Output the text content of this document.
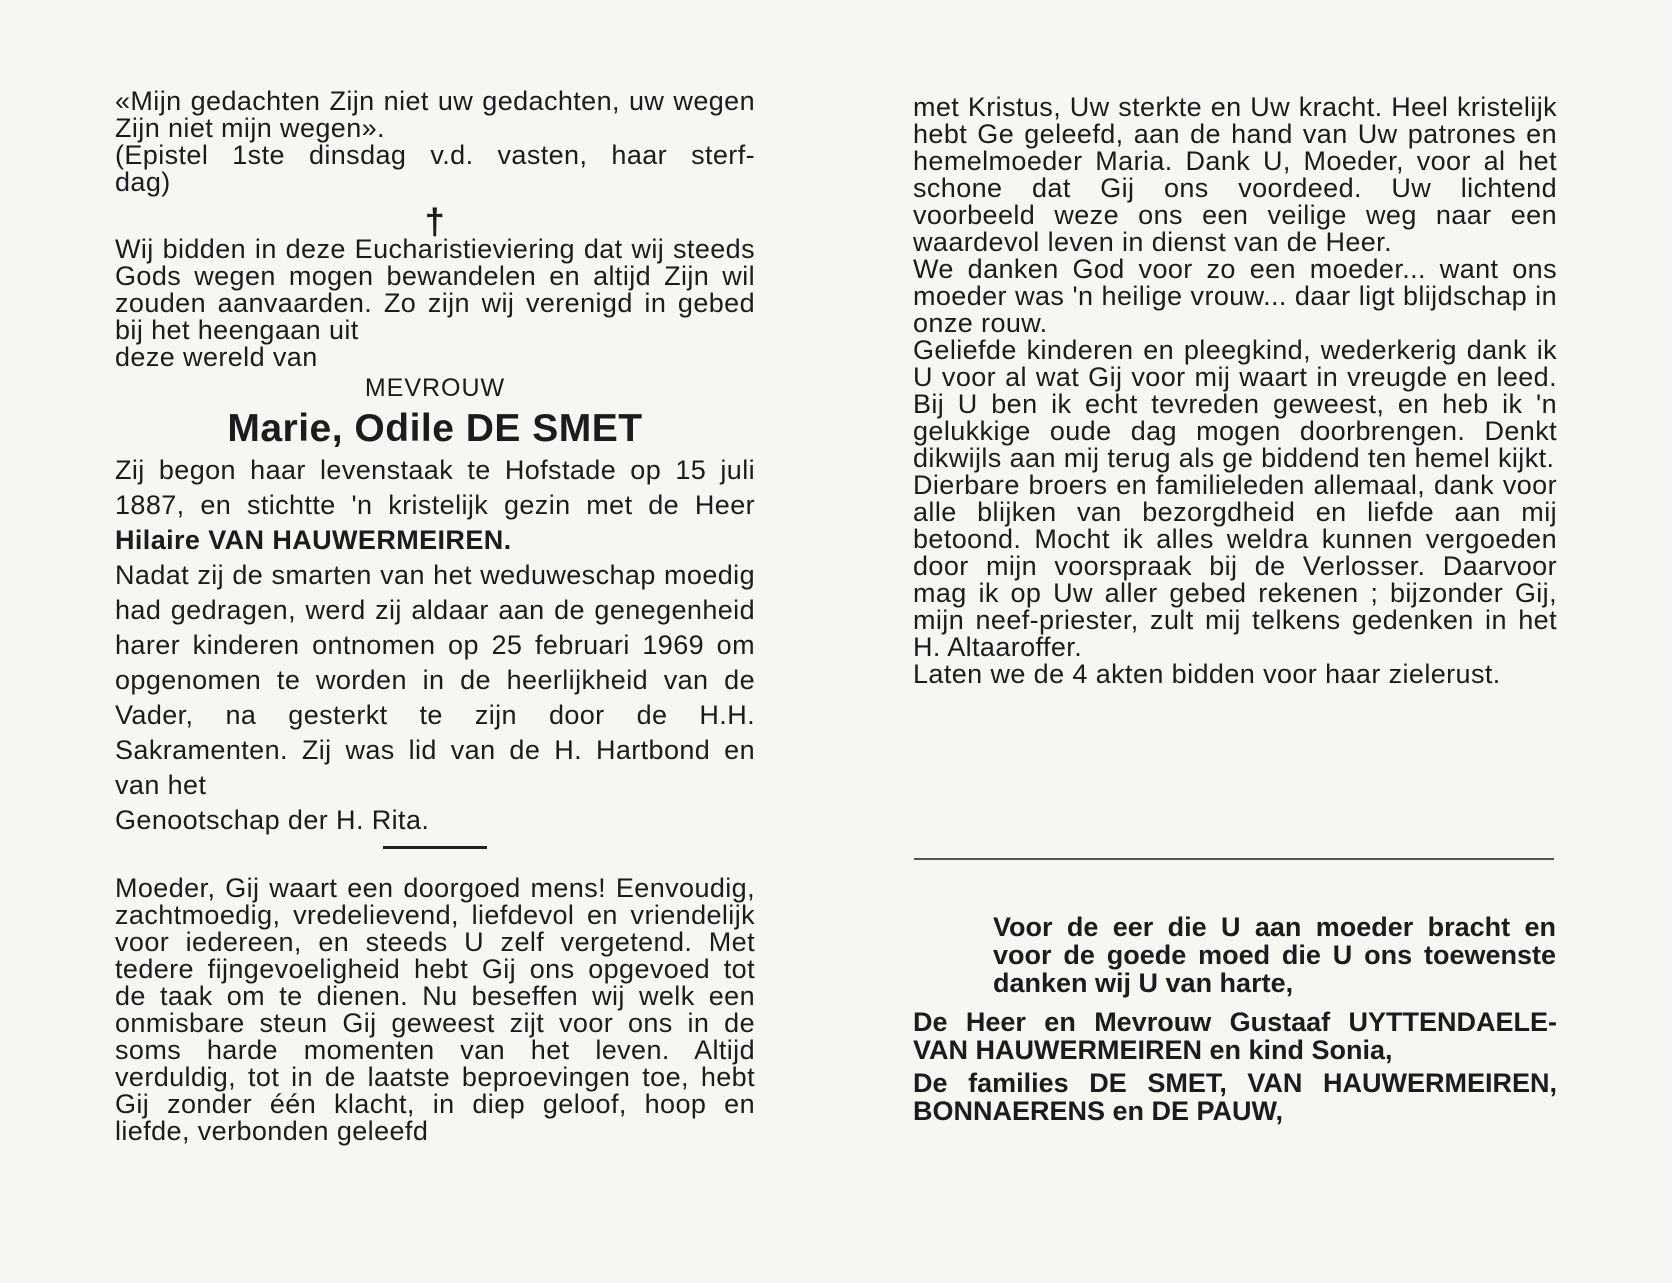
«Mijn gedachten Zijn niet uw gedachten, uw wegen Zijn niet mijn wegen».

(Epistel 1ste dinsdag v.d. vasten, haar sterf-

dag)

†

Wij bidden in deze Eucharistieviering dat wij steeds Gods wegen mogen bewandelen en altijd Zijn wil zouden aanvaarden. Zo zijn wij verenigd in gebed bij het heengaan uit

deze wereld van

MEVROUW
Marie, Odile DE SMET

Zij begon haar levenstaak te Hofstade op 15 juli 1887, en stichtte 'n kristelijk gezin met de Heer Hilaire VAN HAUWERMEIREN.

Nadat zij de smarten van het weduweschap moedig had gedragen, werd zij aldaar aan de genegenheid harer kinderen ontnomen op 25 februari 1969 om opgenomen te worden in de heerlijkheid van de Vader, na gesterkt te zijn door de H.H. Sakramenten. Zij was lid van de H. Hartbond en van het

Genootschap der H. Rita.

Moeder, Gij waart een doorgoed mens! Eenvoudig, zachtmoedig, vredelievend, liefdevol en vriendelijk voor iedereen, en steeds U zelf vergetend. Met tedere fijngevoeligheid hebt Gij ons opgevoed tot de taak om te dienen. Nu beseffen wij welk een onmisbare steun Gij geweest zijt voor ons in de soms harde momenten van het leven. Altijd verduldig, tot in de laatste beproevingen toe, hebt Gij zonder één klacht, in diep geloof, hoop en liefde, verbonden geleefd

met Kristus, Uw sterkte en Uw kracht. Heel kristelijk hebt Ge geleefd, aan de hand van Uw patrones en hemelmoeder Maria. Dank U, Moeder, voor al het schone dat Gij ons voordeed. Uw lichtend voorbeeld weze ons een veilige weg naar een waardevol leven in dienst van de Heer.

We danken God voor zo een moeder... want ons moeder was 'n heilige vrouw... daar ligt blijdschap in onze rouw.

Geliefde kinderen en pleegkind, wederkerig dank ik U voor al wat Gij voor mij waart in vreugde en leed. Bij U ben ik echt tevreden geweest, en heb ik 'n gelukkige oude dag mogen doorbrengen. Denkt dikwijls aan mij terug als ge biddend ten hemel kijkt.

Dierbare broers en familieleden allemaal, dank voor alle blijken van bezorgdheid en liefde aan mij betoond. Mocht ik alles weldra kunnen vergoeden door mijn voorspraak bij de Verlosser. Daarvoor mag ik op Uw aller gebed rekenen ; bijzonder Gij, mijn neef-priester, zult mij telkens gedenken in het H. Altaaroffer.

Laten we de 4 akten bidden voor haar zielerust.

Voor de eer die U aan moeder bracht en voor de goede moed die U ons toewenste danken wij U van harte,

De Heer en Mevrouw Gustaaf UYTTENDAELE-VAN HAUWERMEIREN en kind Sonia,

De families DE SMET, VAN HAUWERMEIREN, BONNAERENS en DE PAUW,
